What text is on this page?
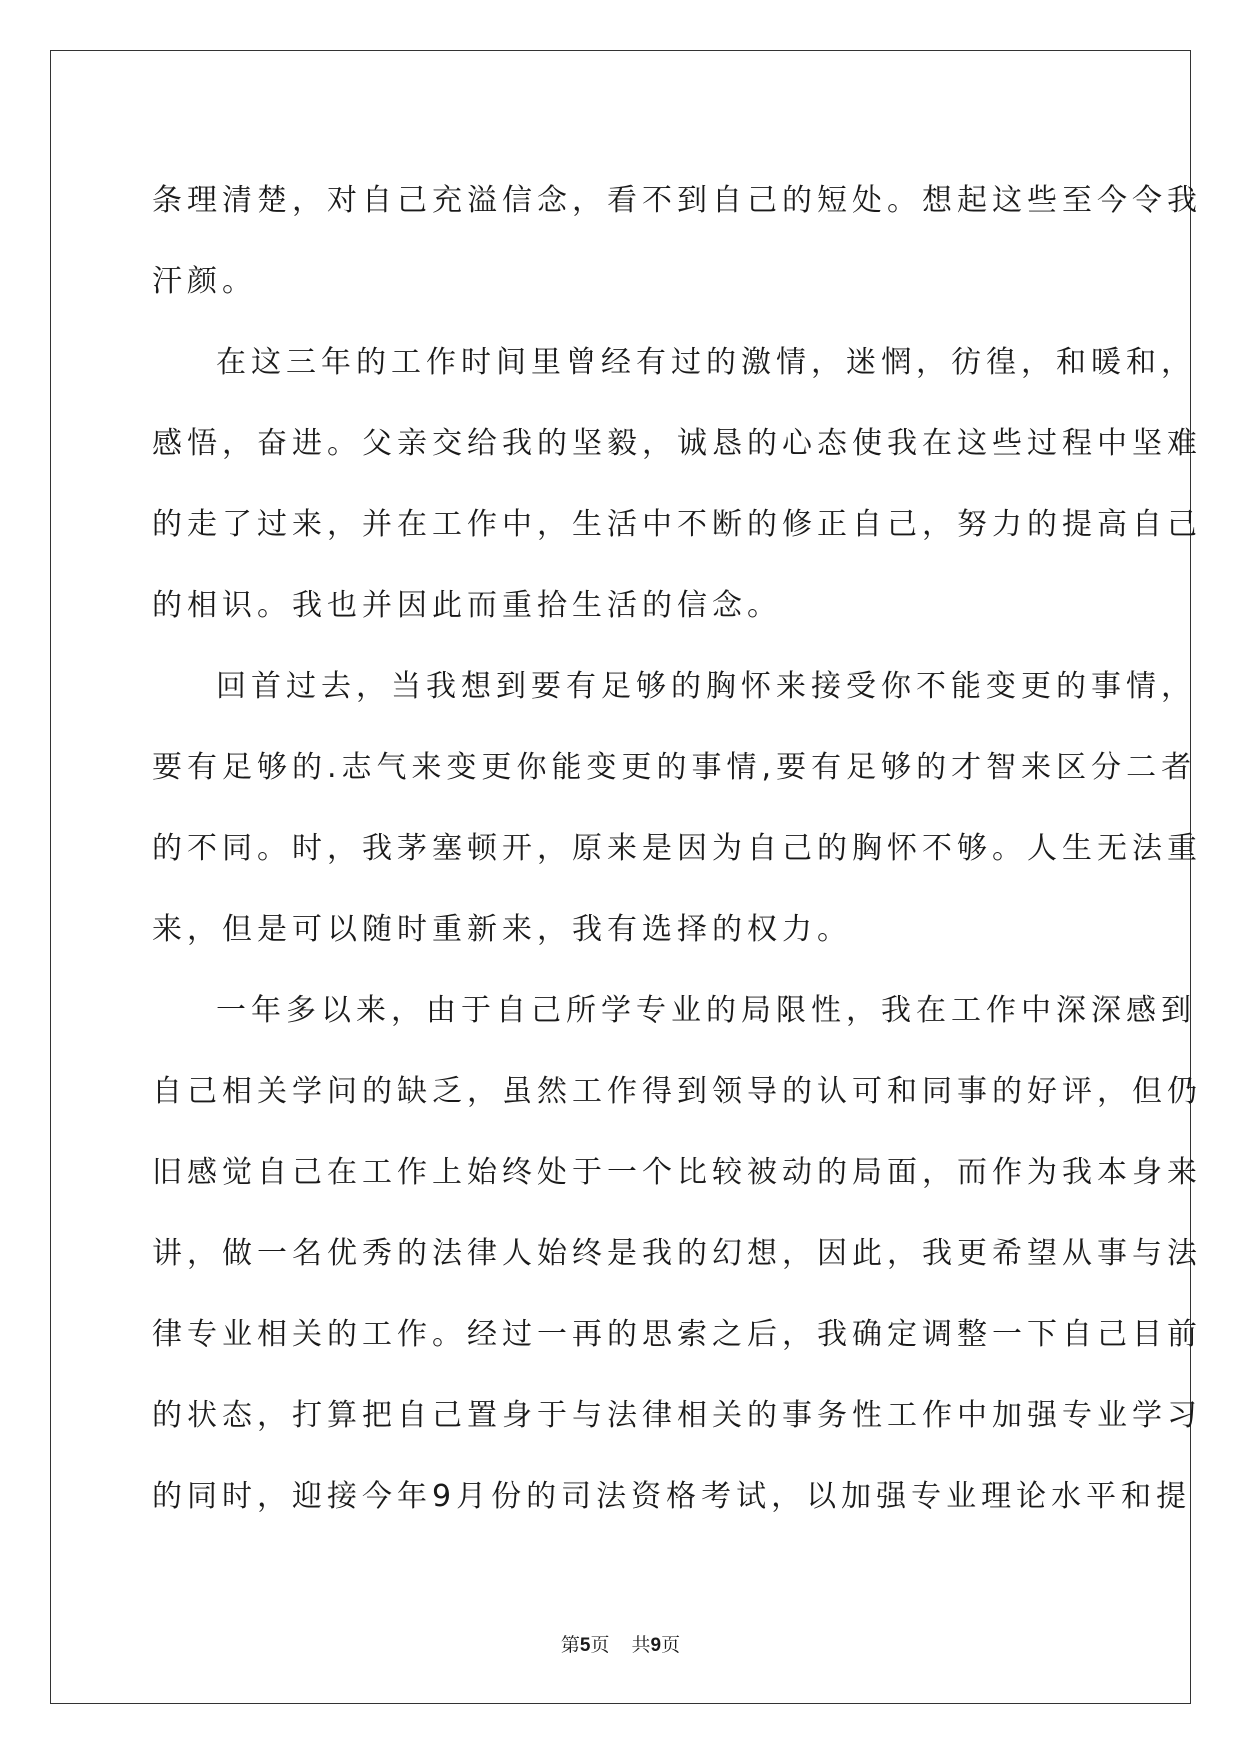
条理清楚，对自己充溢信念，看不到自己的短处。想起这些至今令我
汗颜。
在这三年的工作时间里曾经有过的激情，迷惘，彷徨，和暖和，
感悟，奋进。父亲交给我的坚毅，诚恳的心态使我在这些过程中坚难
的走了过来，并在工作中，生活中不断的修正自己，努力的提高自己
的相识。我也并因此而重拾生活的信念。
回首过去，当我想到要有足够的胸怀来接受你不能变更的事情，
要有足够的.志气来变更你能变更的事情,要有足够的才智来区分二者
的不同。时，我茅塞顿开，原来是因为自己的胸怀不够。人生无法重
来，但是可以随时重新来，我有选择的权力。
一年多以来，由于自己所学专业的局限性，我在工作中深深感到
自己相关学问的缺乏，虽然工作得到领导的认可和同事的好评，但仍
旧感觉自己在工作上始终处于一个比较被动的局面，而作为我本身来
讲，做一名优秀的法律人始终是我的幻想，因此，我更希望从事与法
律专业相关的工作。经过一再的思索之后，我确定调整一下自己目前
的状态，打算把自己置身于与法律相关的事务性工作中加强专业学习
的同时，迎接今年9月份的司法资格考试，以加强专业理论水平和提
第5页 共9页
